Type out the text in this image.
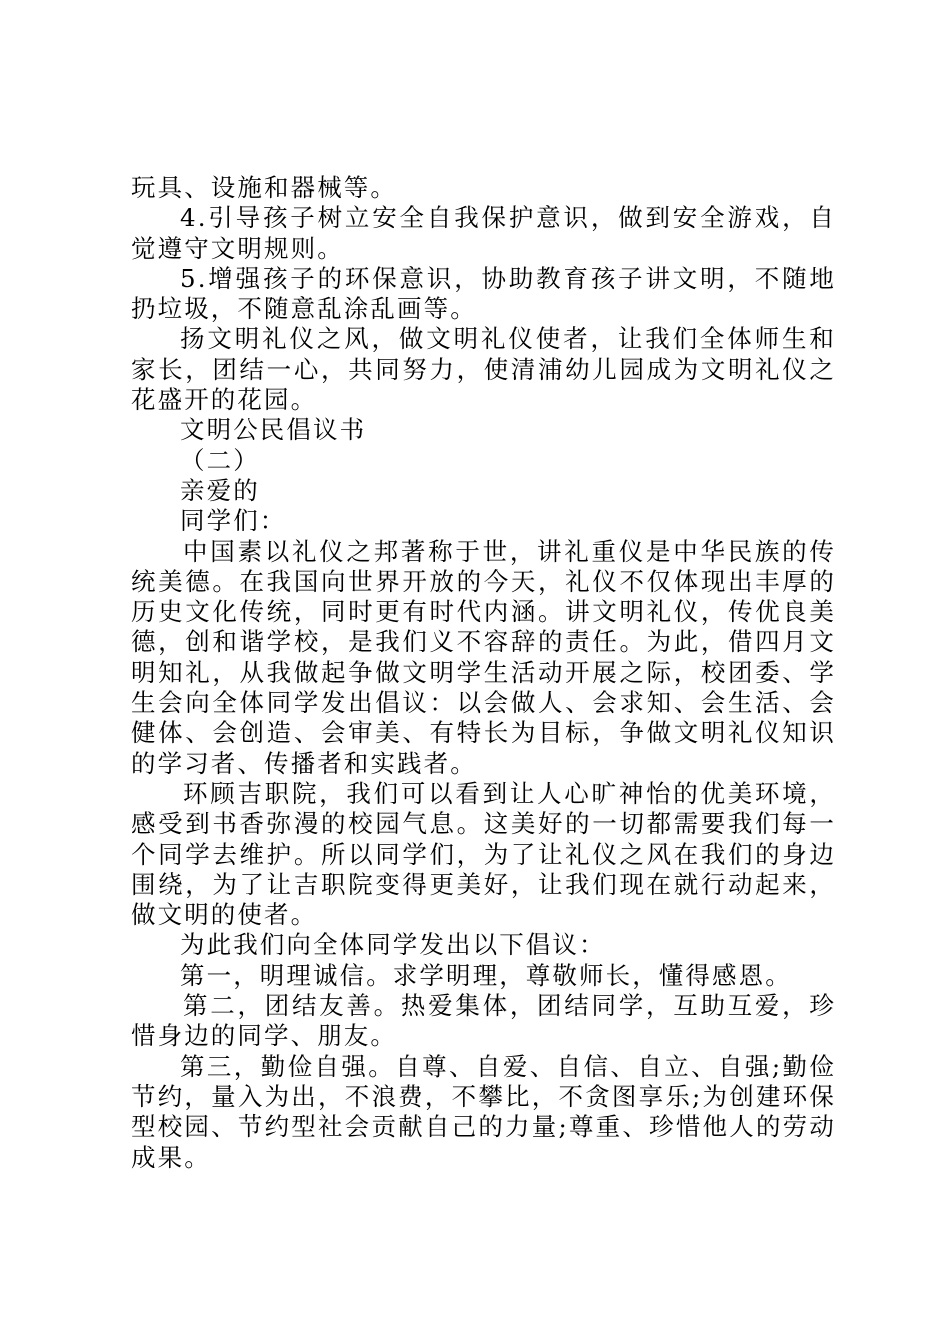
玩具、设施和器械等。

4.引导孩子树立安全自我保护意识，做到安全游戏，自觉遵守文明规则。

5.增强孩子的环保意识，协助教育孩子讲文明，不随地扔垃圾，不随意乱涂乱画等。

扬文明礼仪之风，做文明礼仪使者，让我们全体师生和家长，团结一心，共同努力，使清浦幼儿园成为文明礼仪之花盛开的花园。

文明公民倡议书

（二）

亲爱的

同学们：

中国素以礼仪之邦著称于世，讲礼重仪是中华民族的传统美德。在我国向世界开放的今天，礼仪不仅体现出丰厚的历史文化传统，同时更有时代内涵。讲文明礼仪，传优良美德，创和谐学校，是我们义不容辞的责任。为此，借四月文明知礼，从我做起争做文明学生活动开展之际，校团委、学生会向全体同学发出倡议：以会做人、会求知、会生活、会健体、会创造、会审美、有特长为目标，争做文明礼仪知识的学习者、传播者和实践者。

环顾吉职院，我们可以看到让人心旷神怡的优美环境，感受到书香弥漫的校园气息。这美好的一切都需要我们每一个同学去维护。所以同学们，为了让礼仪之风在我们的身边围绕，为了让吉职院变得更美好，让我们现在就行动起来，做文明的使者。

为此我们向全体同学发出以下倡议：

第一，明理诚信。求学明理，尊敬师长，懂得感恩。

第二，团结友善。热爱集体，团结同学，互助互爱，珍惜身边的同学、朋友。

第三，勤俭自强。自尊、自爱、自信、自立、自强;勤俭节约，量入为出，不浪费，不攀比，不贪图享乐;为创建环保型校园、节约型社会贡献自己的力量;尊重、珍惜他人的劳动成果。
